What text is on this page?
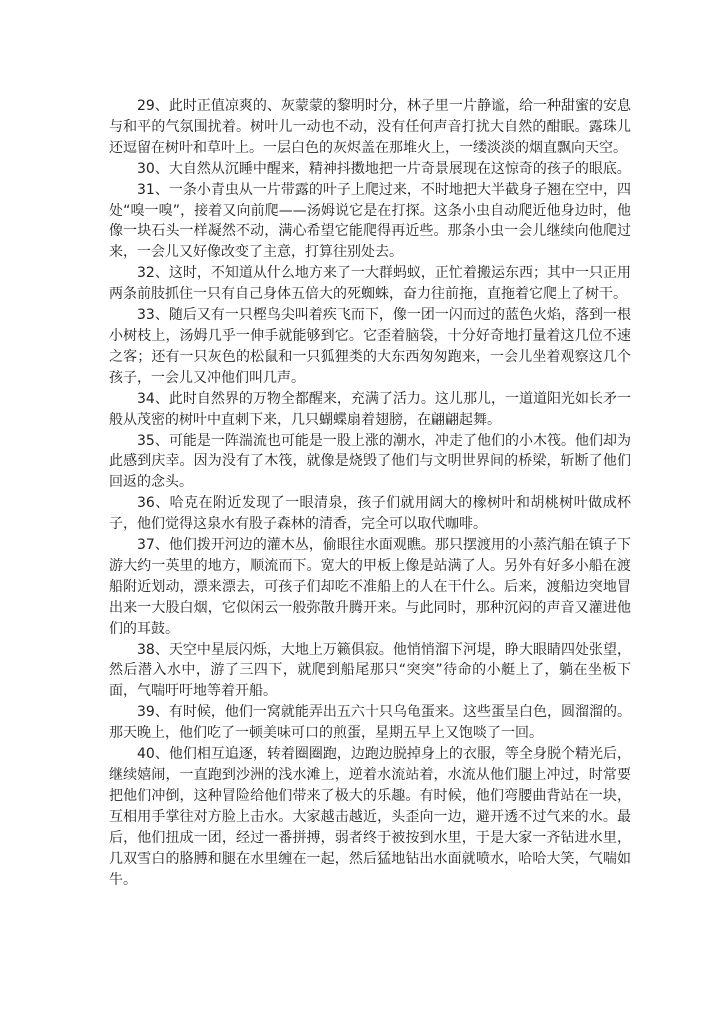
29、此时正值凉爽的、灰蒙蒙的黎明时分，林子里一片静谧，给一种甜蜜的安息与和平的气氛围扰着。树叶儿一动也不动，没有任何声音打扰大自然的酣眠。露珠儿还逗留在树叶和草叶上。一层白色的灰烬盖在那堆火上，一缕淡淡的烟直飘向天空。

30、大自然从沉睡中醒来，精神抖擞地把一片奇景展现在这惊奇的孩子的眼底。

31、一条小青虫从一片带露的叶子上爬过来，不时地把大半截身子翘在空中，四处“嗅一嗅”，接着又向前爬——汤姆说它是在打探。这条小虫自动爬近他身边时，他像一块石头一样凝然不动，满心希望它能爬得再近些。那条小虫一会儿继续向他爬过来，一会儿又好像改变了主意，打算往别处去。

32、这时，不知道从什么地方来了一大群蚂蚁，正忙着搬运东西；其中一只正用两条前肢抓住一只有自己身体五倍大的死蜘蛛，奋力往前拖，直拖着它爬上了树干。

33、随后又有一只樫鸟尖叫着疾飞而下，像一团一闪而过的蓝色火焰，落到一根小树枝上，汤姆几乎一伸手就能够到它。它歪着脑袋，十分好奇地打量着这几位不速之客；还有一只灰色的松鼠和一只狐狸类的大东西匆匆跑来，一会儿坐着观察这几个孩子，一会儿又冲他们叫几声。

34、此时自然界的万物全都醒来，充满了活力。这儿那儿，一道道阳光如长矛一般从茂密的树叶中直刺下来，几只蝴蝶扇着翅膀，在翩翩起舞。

35、可能是一阵湍流也可能是一股上涨的潮水，冲走了他们的小木筏。他们却为此感到庆幸。因为没有了木筏，就像是烧毁了他们与文明世界间的桥梁，斩断了他们回返的念头。

36、哈克在附近发现了一眼清泉，孩子们就用阔大的橡树叶和胡桃树叶做成杯子，他们觉得这泉水有股子森林的清香，完全可以取代咖啡。

37、他们拨开河边的灌木丛，偷眼往水面观瞧。那只摆渡用的小蒸汽船在镇子下游大约一英里的地方，顺流而下。宽大的甲板上像是站满了人。另外有好多小船在渡船附近划动，漂来漂去，可孩子们却吃不准船上的人在干什么。后来，渡船边突地冒出来一大股白烟，它似闲云一般弥散升腾开来。与此同时，那种沉闷的声音又灌进他们的耳鼓。

38、天空中星辰闪烁，大地上万籁俱寂。他悄悄溜下河堤，睁大眼睛四处张望，然后潜入水中，游了三四下，就爬到船尾那只“突突”待命的小艇上了，躺在坐板下面，气喘吁吁地等着开船。

39、有时候，他们一窝就能弄出五六十只乌龟蛋来。这些蛋呈白色，圆溜溜的。那天晚上，他们吃了一顿美味可口的煎蛋，星期五早上又饱啖了一回。

40、他们相互追逐，转着圈圈跑，边跑边脱掉身上的衣服，等全身脱个精光后，继续嬉闹，一直跑到沙洲的浅水滩上，逆着水流站着，水流从他们腿上冲过，时常要把他们冲倒，这种冒险给他们带来了极大的乐趣。有时候，他们弯腰曲背站在一块，互相用手掌往对方脸上击水。大家越击越近，头歪向一边，避开透不过气来的水。最后，他们扭成一团，经过一番拼搏，弱者终于被按到水里，于是大家一齐钻进水里，几双雪白的胳膊和腿在水里缠在一起，然后猛地钻出水面就喷水，哈哈大笑，气喘如牛。
